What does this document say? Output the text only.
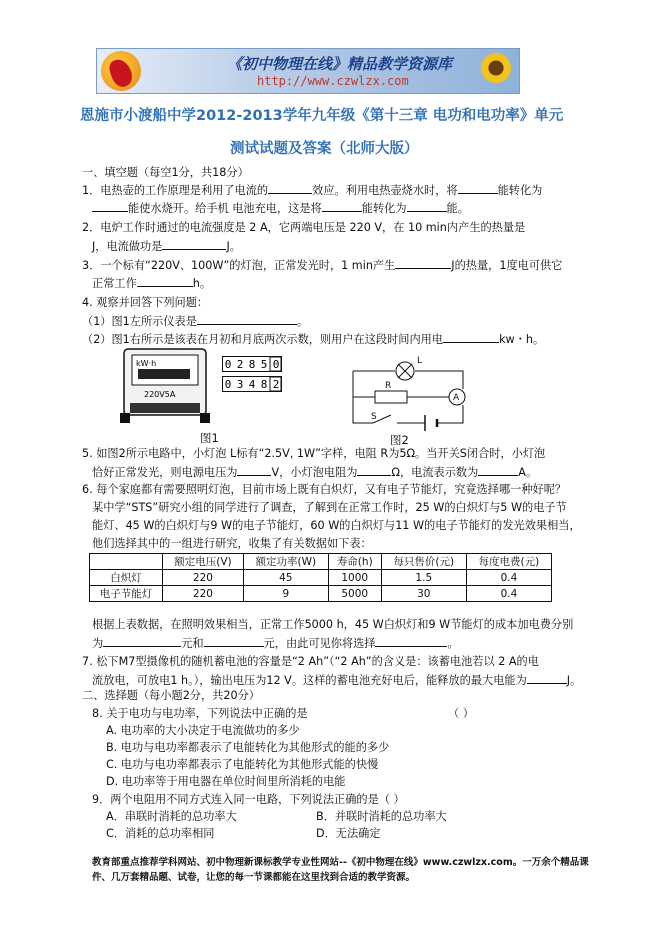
《初中物理在线》精品教学资源库
http://www.czwlzx.com
恩施市小渡船中学2012-2013学年九年级《第十三章 电功和电功率》单元
测试试题及答案（北师大版）
一、填空题（每空1分，共18分）
1．电热壶的工作原理是利用了电流的	效应。利用电热壶烧水时，将	能转化为
能使水烧开。给手机 电池充电，这是将	能转化为	能。
2．电炉工作时通过的电流强度是 2 A，它两端电压是 220 V，在 10 min内产生的热量是
J，电流做功是	J。
3．一个标有“220V、100W”的灯泡，正常发光时，1 min产生	J的热量，1度电可供它
正常工作	h。
4. 观察并回答下列问题：
（1）图1左所示仪表是	。
（2）图1右所示是该表在月初和月底两次示数，则用户在这段时间内用电	kw・h。
kW·h
220V5A
0 2 8 5 0
0 3 4 8 2
图1
L
R
A
S
图2
5. 如图2所示电路中，小灯泡 L标有“2.5V, 1W”字样，电阻 R为5Ω。当开关S闭合时，小灯泡
恰好正常发光，则电源电压为	V，小灯泡电阻为	Ω，电流表示数为	A。
6. 每个家庭都有需要照明灯泡，目前市场上既有白炽灯，又有电子节能灯，究竟选择哪一种好呢？
某中学“STS”研究小组的同学进行了调查，了解到在正常工作时，25 W的白炽灯与5 W的电子节
能灯、45 W的白炽灯与9 W的电子节能灯，60 W的白炽灯与11 W的电子节能灯的发光效果相当，
他们选择其中的一组进行研究，收集了有关数据如下表：
	额定电压(V)	额定功率(W)	寿命(h)	每只售价(元)	每度电费(元)
白炽灯	220	45	1000	1.5	0.4
电子节能灯	220	9	5000	30	0.4
根据上表数据，在照明效果相当，正常工作5000 h，45 W白炽灯和9 W节能灯的成本加电费分别
为	元和	元，由此可见你将选择	。
7. 松下M7型摄像机的随机蓄电池的容量是“2 Ah”（“2 Ah”的含义是：该蓄电池若以 2 A的电
流放电，可放电1 h。），输出电压为12 V。这样的蓄电池充好电后，能释放的最大电能为	J。
二、选择题（每小题2分，共20分）
8. 关于电功与电功率，下列说法中正确的是	（ ）
A. 电功率的大小决定于电流做功的多少
B. 电功与电功率都表示了电能转化为其他形式的能的多少
C. 电功与电功率都表示了电能转化为其他形式能的快慢
D. 电功率等于用电器在单位时间里所消耗的电能
9．两个电阻用不同方式连入同一电路，下列说法正确的是（ ）
A．串联时消耗的总功率大	B．并联时消耗的总功率大
C．消耗的总功率相同	D．无法确定
教育部重点推荐学科网站、初中物理新课标教学专业性网站--《初中物理在线》www.czwlzx.com。一万余个精品课
件、几万套精品题、试卷，让您的每一节课都能在这里找到合适的教学资源。
